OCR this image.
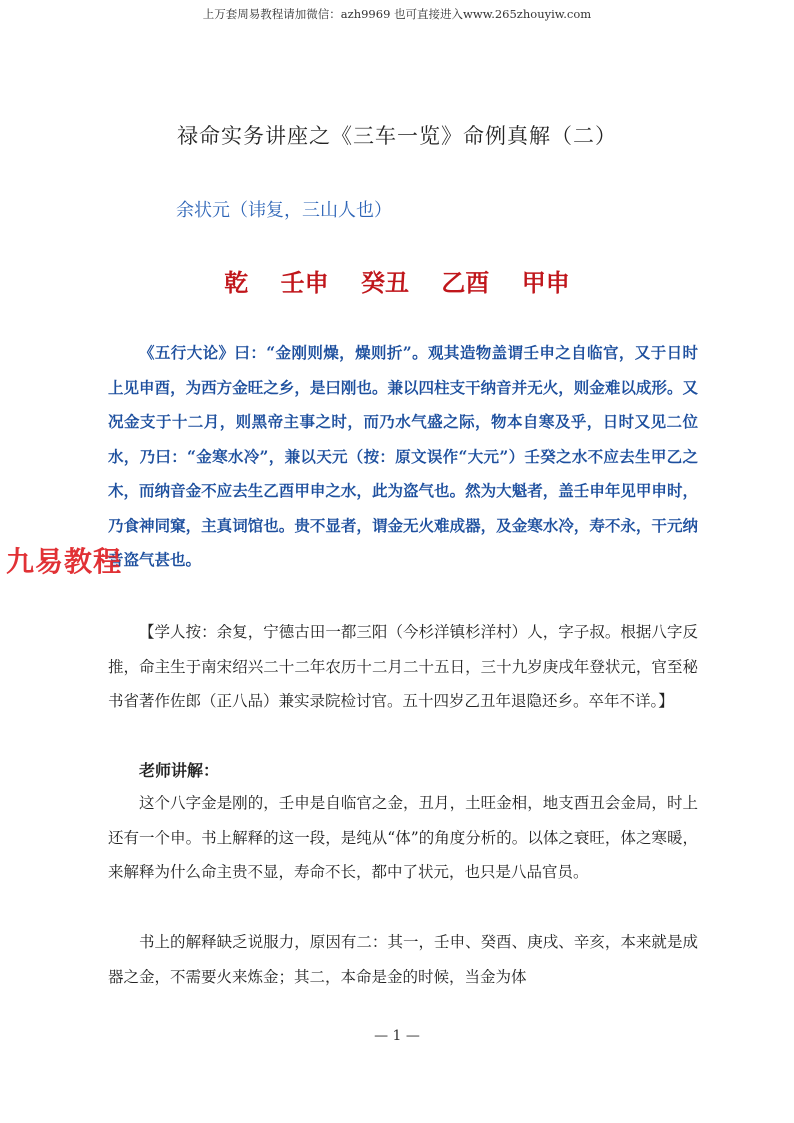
上万套周易教程请加微信：azh9969 也可直接进入www.265zhouyiw.com
禄命实务讲座之《三车一览》命例真解（二）
余状元（讳复，三山人也）
乾 壬申 癸丑 乙酉 甲申

《五行大论》曰：“金刚则燥，燥则折”。观其造物盖谓壬申之自临官，又于日时上见申酉，为西方金旺之乡，是曰刚也。兼以四柱支干纳音并无火，则金难以成形。又况金支于十二月，则黑帝主事之时，而乃水气盛之际，物本自寒及乎，日时又见二位水，乃曰：“金寒水冷”，兼以天元（按：原文误作“大元”）壬癸之水不应去生甲乙之木，而纳音金不应去生乙酉甲申之水，此为盗气也。然为大魁者，盖壬申年见甲申时，乃食神同窠，主真词馆也。贵不显者，谓金无火难成器，及金寒水冷，寿不永，干元纳音盗气甚也。

【学人按：余复，宁德古田一都三阳（今杉洋镇杉洋村）人，字子叔。根据八字反推，命主生于南宋绍兴二十二年农历十二月二十五日，三十九岁庚戌年登状元，官至秘书省著作佐郎（正八品）兼实录院检讨官。五十四岁乙丑年退隐还乡。卒年不详。】

老师讲解：

这个八字金是刚的，壬申是自临官之金，丑月，土旺金相，地支酉丑会金局，时上还有一个申。书上解释的这一段，是纯从“体”的角度分析的。以体之衰旺，体之寒暖，来解释为什么命主贵不显，寿命不长，都中了状元，也只是八品官员。

书上的解释缺乏说服力，原因有二：其一，壬申、癸酉、庚戌、辛亥，本来就是成器之金，不需要火来炼金；其二，本命是金的时候，当金为体

九易教程
— 1 —
